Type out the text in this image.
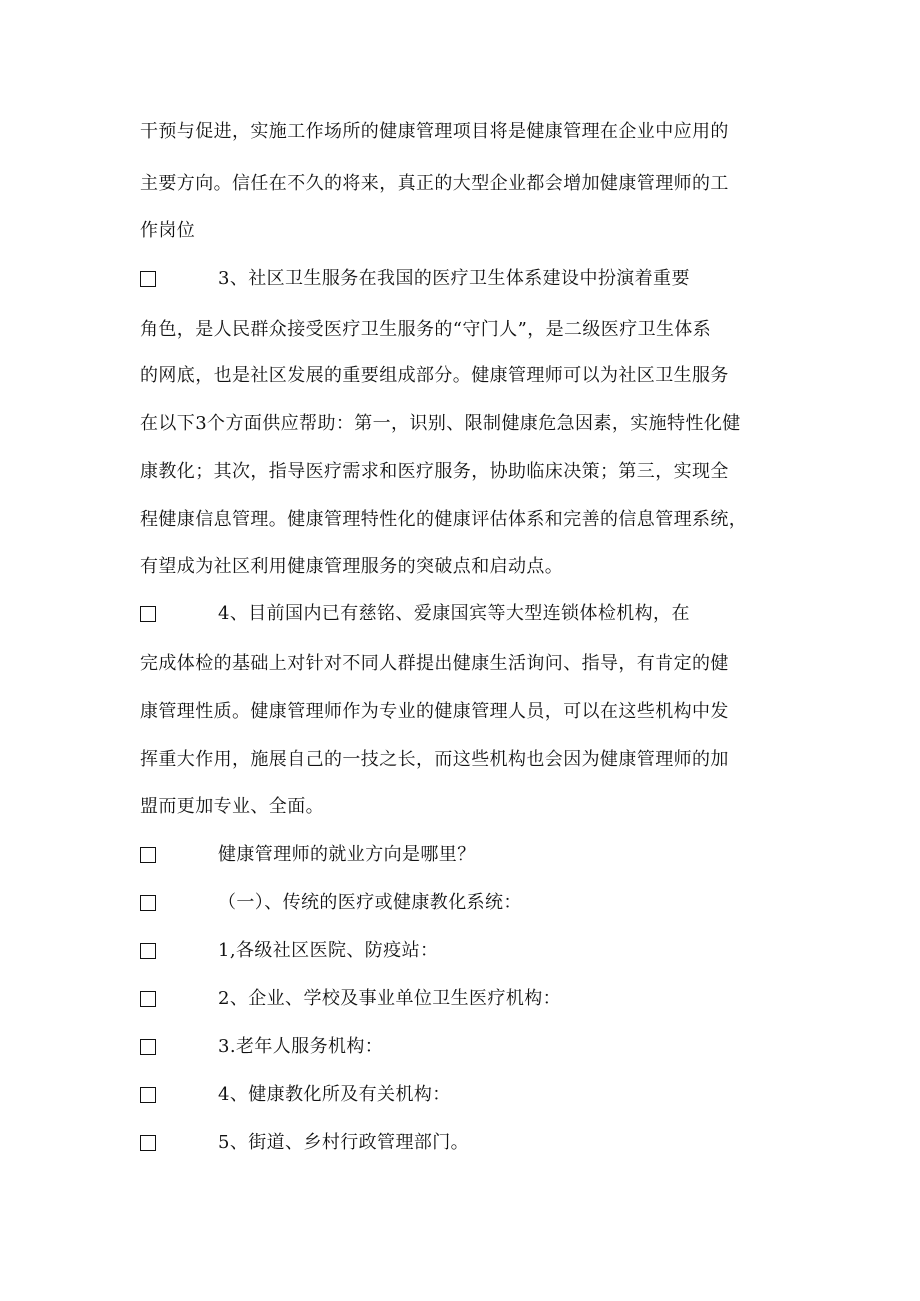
干预与促进，实施工作场所的健康管理项目将是健康管理在企业中应用的
主要方向。信任在不久的将来，真正的大型企业都会增加健康管理师的工
作岗位
3、社区卫生服务在我国的医疗卫生体系建设中扮演着重要
角色，是人民群众接受医疗卫生服务的“守门人”，是二级医疗卫生体系
的网底，也是社区发展的重要组成部分。健康管理师可以为社区卫生服务
在以下3个方面供应帮助：第一，识别、限制健康危急因素，实施特性化健
康教化；其次，指导医疗需求和医疗服务，协助临床决策；第三，实现全
程健康信息管理。健康管理特性化的健康评估体系和完善的信息管理系统，
有望成为社区利用健康管理服务的突破点和启动点。
4、目前国内已有慈铭、爱康国宾等大型连锁体检机构，在
完成体检的基础上对针对不同人群提出健康生活询问、指导，有肯定的健
康管理性质。健康管理师作为专业的健康管理人员，可以在这些机构中发
挥重大作用，施展自己的一技之长，而这些机构也会因为健康管理师的加
盟而更加专业、全面。
健康管理师的就业方向是哪里？
（一）、传统的医疗或健康教化系统：
1,各级社区医院、防疫站：
2、企业、学校及事业单位卫生医疗机构：
3.老年人服务机构：
4、健康教化所及有关机构：
5、街道、乡村行政管理部门。
